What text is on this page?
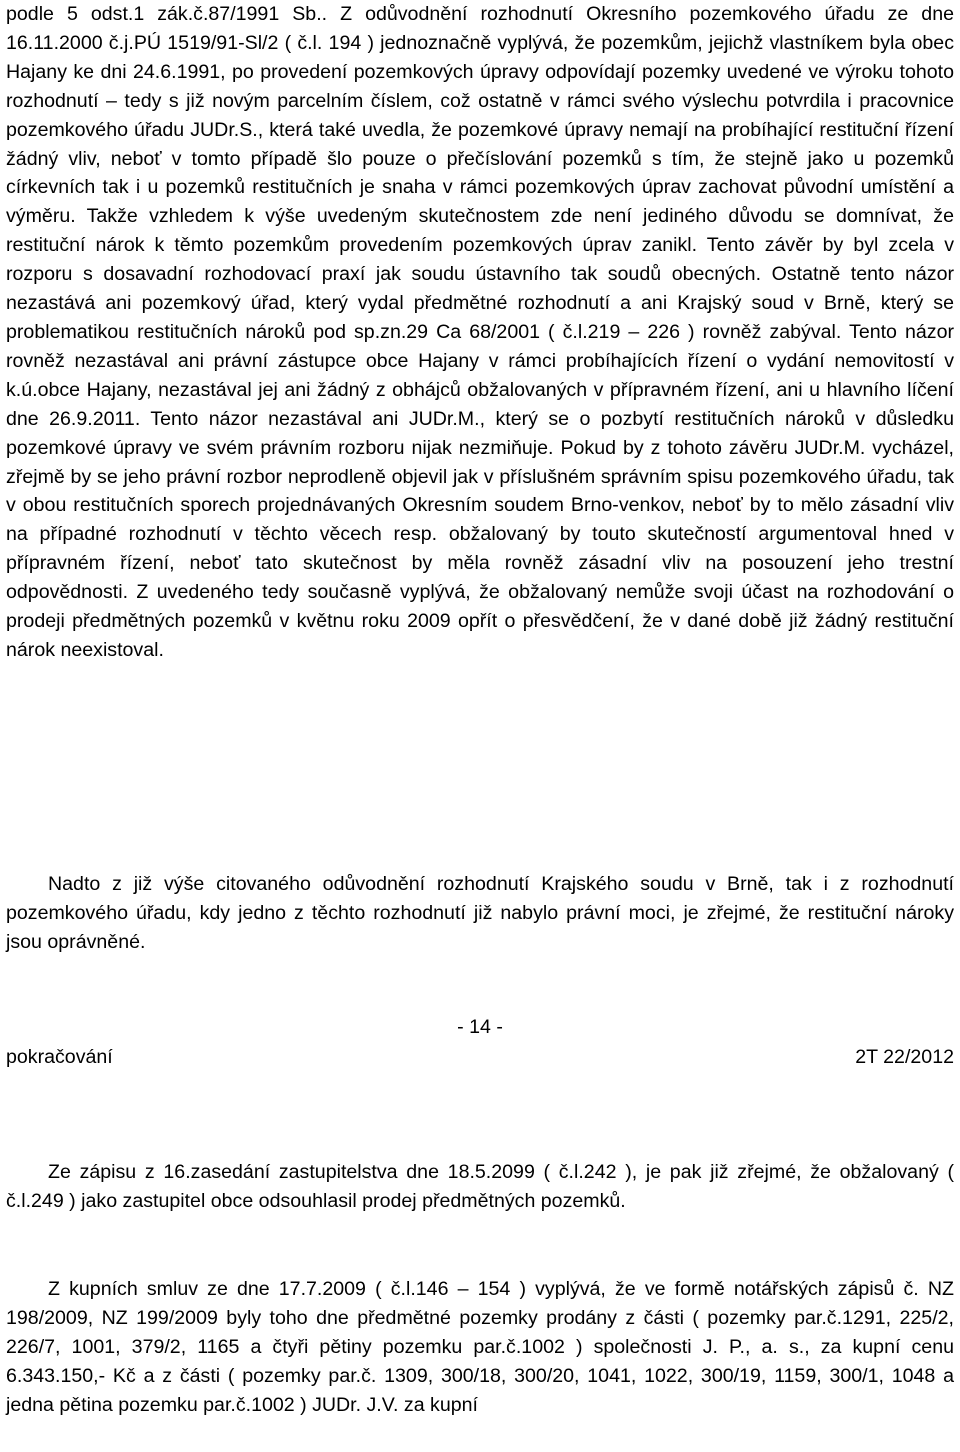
podle 5 odst.1 zák.č.87/1991 Sb.. Z odůvodnění rozhodnutí Okresního pozemkového úřadu ze dne 16.11.2000 č.j.PÚ 1519/91-Sl/2 ( č.l. 194 ) jednoznačně vyplývá, že pozemkům, jejichž vlastníkem byla obec Hajany ke dni 24.6.1991, po provedení pozemkových úpravy odpovídají pozemky uvedené ve výroku tohoto rozhodnutí – tedy s již novým parcelním číslem, což ostatně v rámci svého výslechu potvrdila i pracovnice pozemkového úřadu JUDr.S., která také uvedla, že pozemkové úpravy nemají na probíhající restituční řízení žádný vliv, neboť v tomto případě šlo pouze o přečíslování pozemků s tím, že stejně jako u pozemků církevních tak i u pozemků restitučních je snaha v rámci pozemkových úprav zachovat původní umístění a výměru. Takže vzhledem k výše uvedeným skutečnostem zde není jediného důvodu se domnívat, že restituční nárok k těmto pozemkům provedením pozemkových úprav zanikl. Tento závěr by byl zcela v rozporu s dosavadní rozhodovací praxí jak soudu ústavního tak soudů obecných. Ostatně tento názor nezastává ani pozemkový úřad, který vydal předmětné rozhodnutí a ani Krajský soud v Brně, který se problematikou restitučních nároků pod sp.zn.29 Ca 68/2001 ( č.l.219 – 226 ) rovněž zabýval. Tento názor rovněž nezastával ani právní zástupce obce Hajany v rámci probíhajících řízení o vydání nemovitostí v k.ú.obce Hajany, nezastával jej ani žádný z obhájců obžalovaných v přípravném řízení, ani u hlavního líčení dne 26.9.2011. Tento názor nezastával ani JUDr.M., který se o pozbytí restitučních nároků v důsledku pozemkové úpravy ve svém právním rozboru nijak nezmiňuje. Pokud by z tohoto závěru JUDr.M. vycházel, zřejmě by se jeho právní rozbor neprodleně objevil jak v příslušném správním spisu pozemkového úřadu, tak v obou restitučních sporech projednávaných Okresním soudem Brno-venkov, neboť by to mělo zásadní vliv na případné rozhodnutí v těchto věcech resp. obžalovaný by touto skutečností argumentoval hned v přípravném řízení, neboť tato skutečnost by měla rovněž zásadní vliv na posouzení jeho trestní odpovědnosti. Z uvedeného tedy současně vyplývá, že obžalovaný nemůže svoji účast na rozhodování o prodeji předmětných pozemků v květnu roku 2009 opřít o přesvědčení, že v dané době již žádný restituční nárok neexistoval.

Nadto z již výše citovaného odůvodnění rozhodnutí Krajského soudu v Brně, tak i z rozhodnutí pozemkového úřadu, kdy jedno z těchto rozhodnutí již nabylo právní moci, je zřejmé, že restituční nároky jsou oprávněné.

- 14 -
pokračování	2T 22/2012

Ze zápisu z 16.zasedání zastupitelstva dne 18.5.2099 ( č.l.242 ), je pak již zřejmé, že obžalovaný ( č.l.249 ) jako zastupitel obce odsouhlasil prodej předmětných pozemků.

Z kupních smluv ze dne 17.7.2009 ( č.l.146 – 154 ) vyplývá, že ve formě notářských zápisů č. NZ 198/2009, NZ 199/2009 byly toho dne předmětné pozemky prodány z části ( pozemky par.č.1291, 225/2, 226/7, 1001, 379/2, 1165 a čtyři pětiny pozemku par.č.1002 ) společnosti J. P., a. s., za kupní cenu 6.343.150,- Kč a z části ( pozemky par.č. 1309, 300/18, 300/20, 1041, 1022, 300/19, 1159, 300/1, 1048 a jedna pětina pozemku par.č.1002 ) JUDr. J.V. za kupní
